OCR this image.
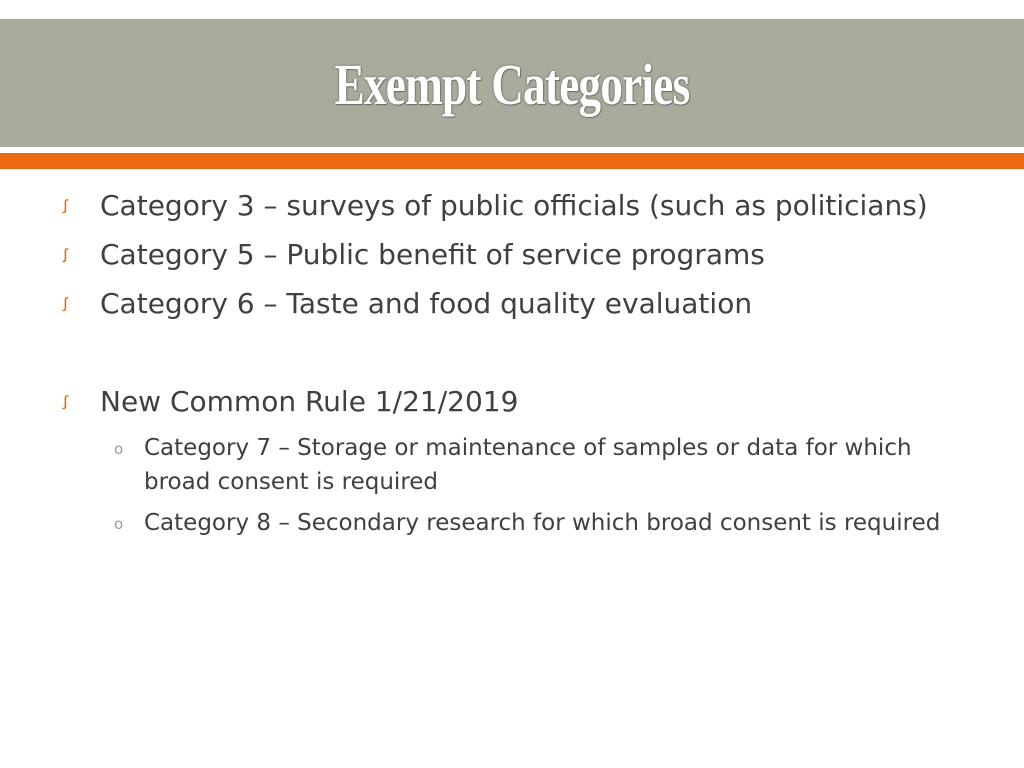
Exempt Categories
ꭍ	Category 3 – surveys of public officials (such as politicians)
ꭍ	Category 5 – Public benefit of service programs
ꭍ	Category 6 – Taste and food quality evaluation
ꭍ	New Common Rule 1/21/2019
o Category 7 – Storage or maintenance of samples or data for which broad consent is required
o Category 8 – Secondary research for which broad consent is required
